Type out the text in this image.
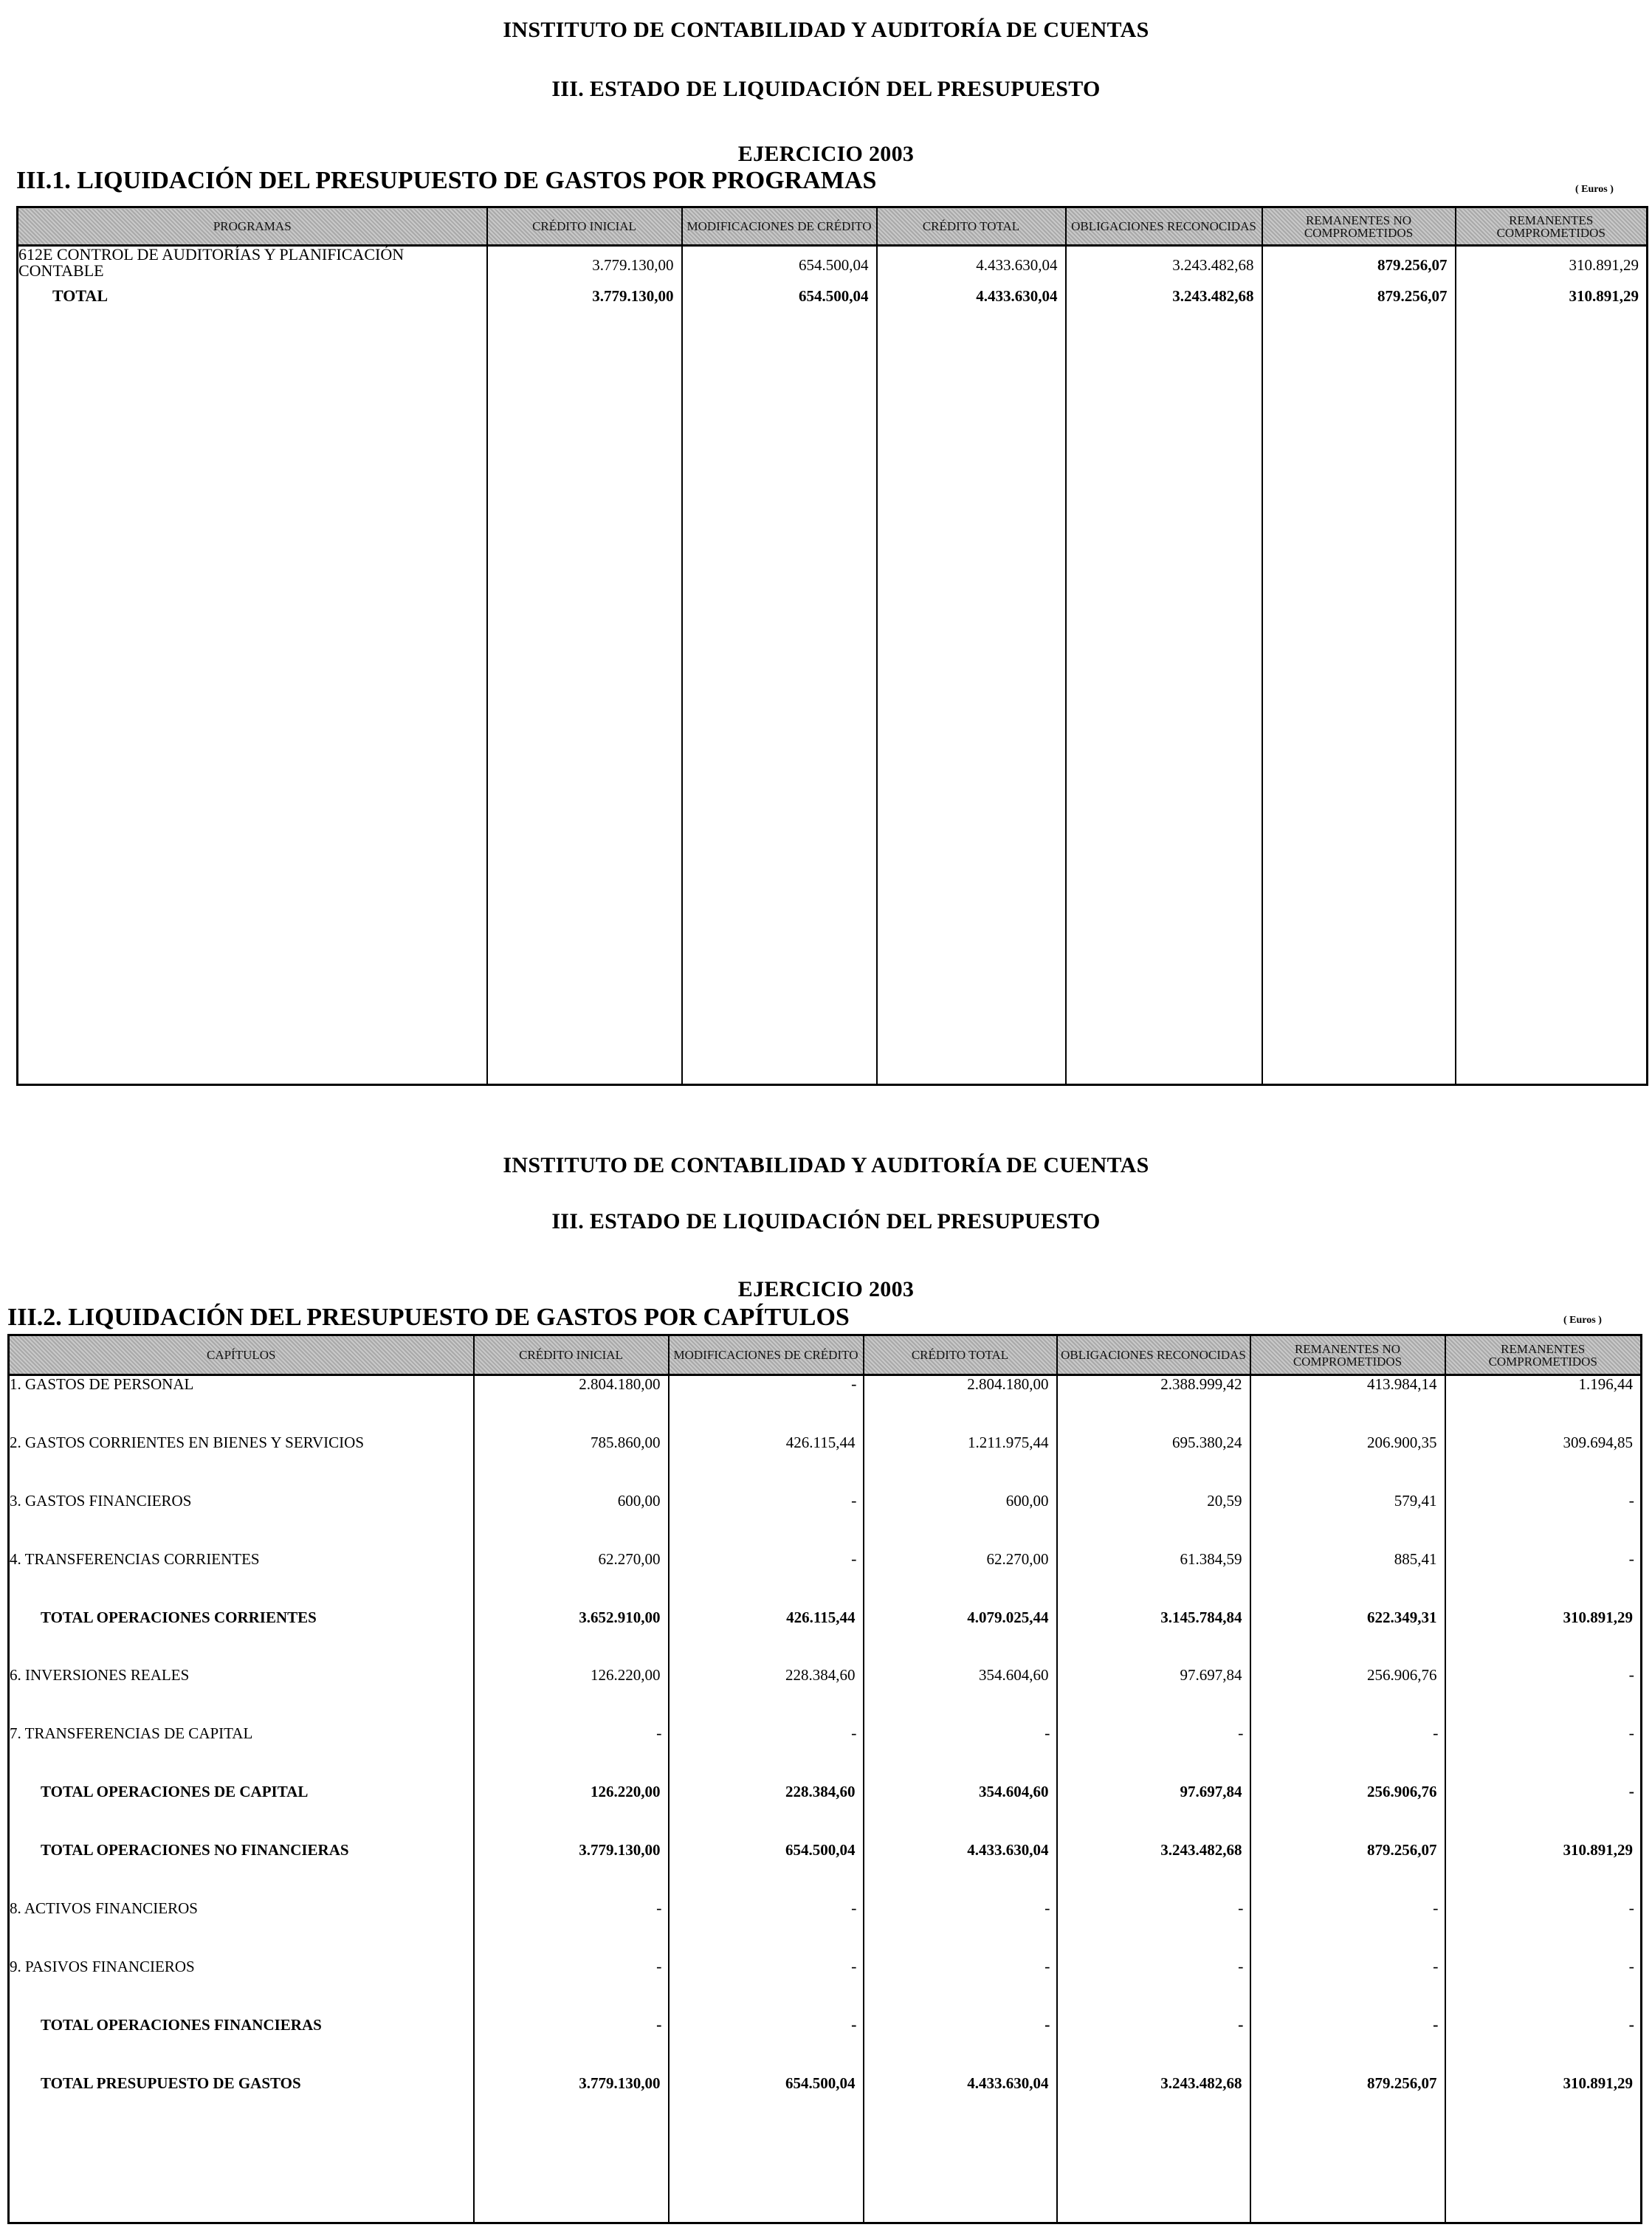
INSTITUTO DE CONTABILIDAD Y AUDITORÍA DE CUENTAS
III. ESTADO DE LIQUIDACIÓN DEL PRESUPUESTO
EJERCICIO 2003
III.1. LIQUIDACIÓN DEL PRESUPUESTO DE GASTOS POR PROGRAMAS	( Euros )
PROGRAMAS	CRÉDITO INICIAL	MODIFICACIONES DE CRÉDITO	CRÉDITO TOTAL	OBLIGACIONES RECONOCIDAS	REMANENTES NO COMPROMETIDOS	REMANENTES COMPROMETIDOS
612E CONTROL DE AUDITORÍAS Y PLANIFICACIÓN CONTABLE	3.779.130,00	654.500,04	4.433.630,04	3.243.482,68	879.256,07	310.891,29
TOTAL	3.779.130,00	654.500,04	4.433.630,04	3.243.482,68	879.256,07	310.891,29

INSTITUTO DE CONTABILIDAD Y AUDITORÍA DE CUENTAS
III. ESTADO DE LIQUIDACIÓN DEL PRESUPUESTO
EJERCICIO 2003
III.2. LIQUIDACIÓN DEL PRESUPUESTO DE GASTOS POR CAPÍTULOS	( Euros )
CAPÍTULOS	CRÉDITO INICIAL	MODIFICACIONES DE CRÉDITO	CRÉDITO TOTAL	OBLIGACIONES RECONOCIDAS	REMANENTES NO COMPROMETIDOS	REMANENTES COMPROMETIDOS
1. GASTOS DE PERSONAL	2.804.180,00	-	2.804.180,00	2.388.999,42	413.984,14	1.196,44
2. GASTOS CORRIENTES EN BIENES Y SERVICIOS	785.860,00	426.115,44	1.211.975,44	695.380,24	206.900,35	309.694,85
3. GASTOS FINANCIEROS	600,00	-	600,00	20,59	579,41	-
4. TRANSFERENCIAS CORRIENTES	62.270,00	-	62.270,00	61.384,59	885,41	-
TOTAL OPERACIONES CORRIENTES	3.652.910,00	426.115,44	4.079.025,44	3.145.784,84	622.349,31	310.891,29
6. INVERSIONES REALES	126.220,00	228.384,60	354.604,60	97.697,84	256.906,76	-
7. TRANSFERENCIAS DE CAPITAL	-	-	-	-	-	-
TOTAL OPERACIONES DE CAPITAL	126.220,00	228.384,60	354.604,60	97.697,84	256.906,76	-
TOTAL OPERACIONES NO FINANCIERAS	3.779.130,00	654.500,04	4.433.630,04	3.243.482,68	879.256,07	310.891,29
8. ACTIVOS FINANCIEROS	-	-	-	-	-	-
9. PASIVOS FINANCIEROS	-	-	-	-	-	-
TOTAL OPERACIONES FINANCIERAS	-	-	-	-	-	-
TOTAL PRESUPUESTO DE GASTOS	3.779.130,00	654.500,04	4.433.630,04	3.243.482,68	879.256,07	310.891,29
